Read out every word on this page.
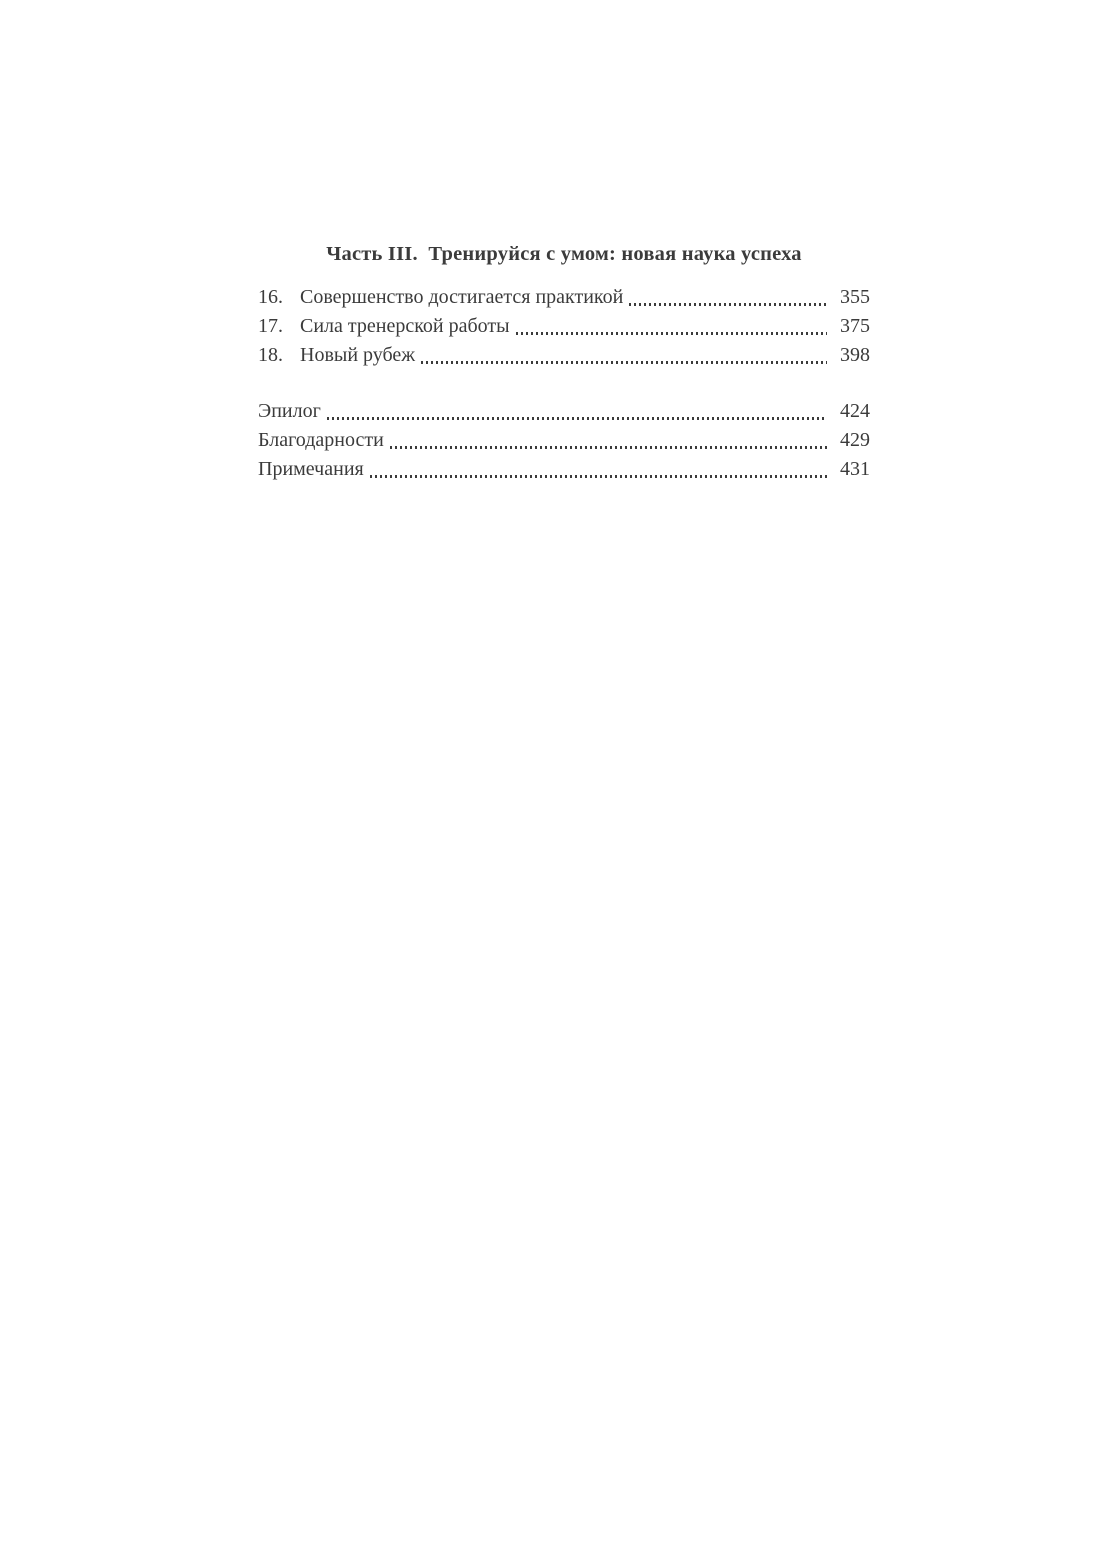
Часть III.  Тренируйся с умом: новая наука успеха
16. Совершенство достигается практикой	355
17. Сила тренерской работы	375
18. Новый рубеж	398
Эпилог	424
Благодарности	429
Примечания	431
